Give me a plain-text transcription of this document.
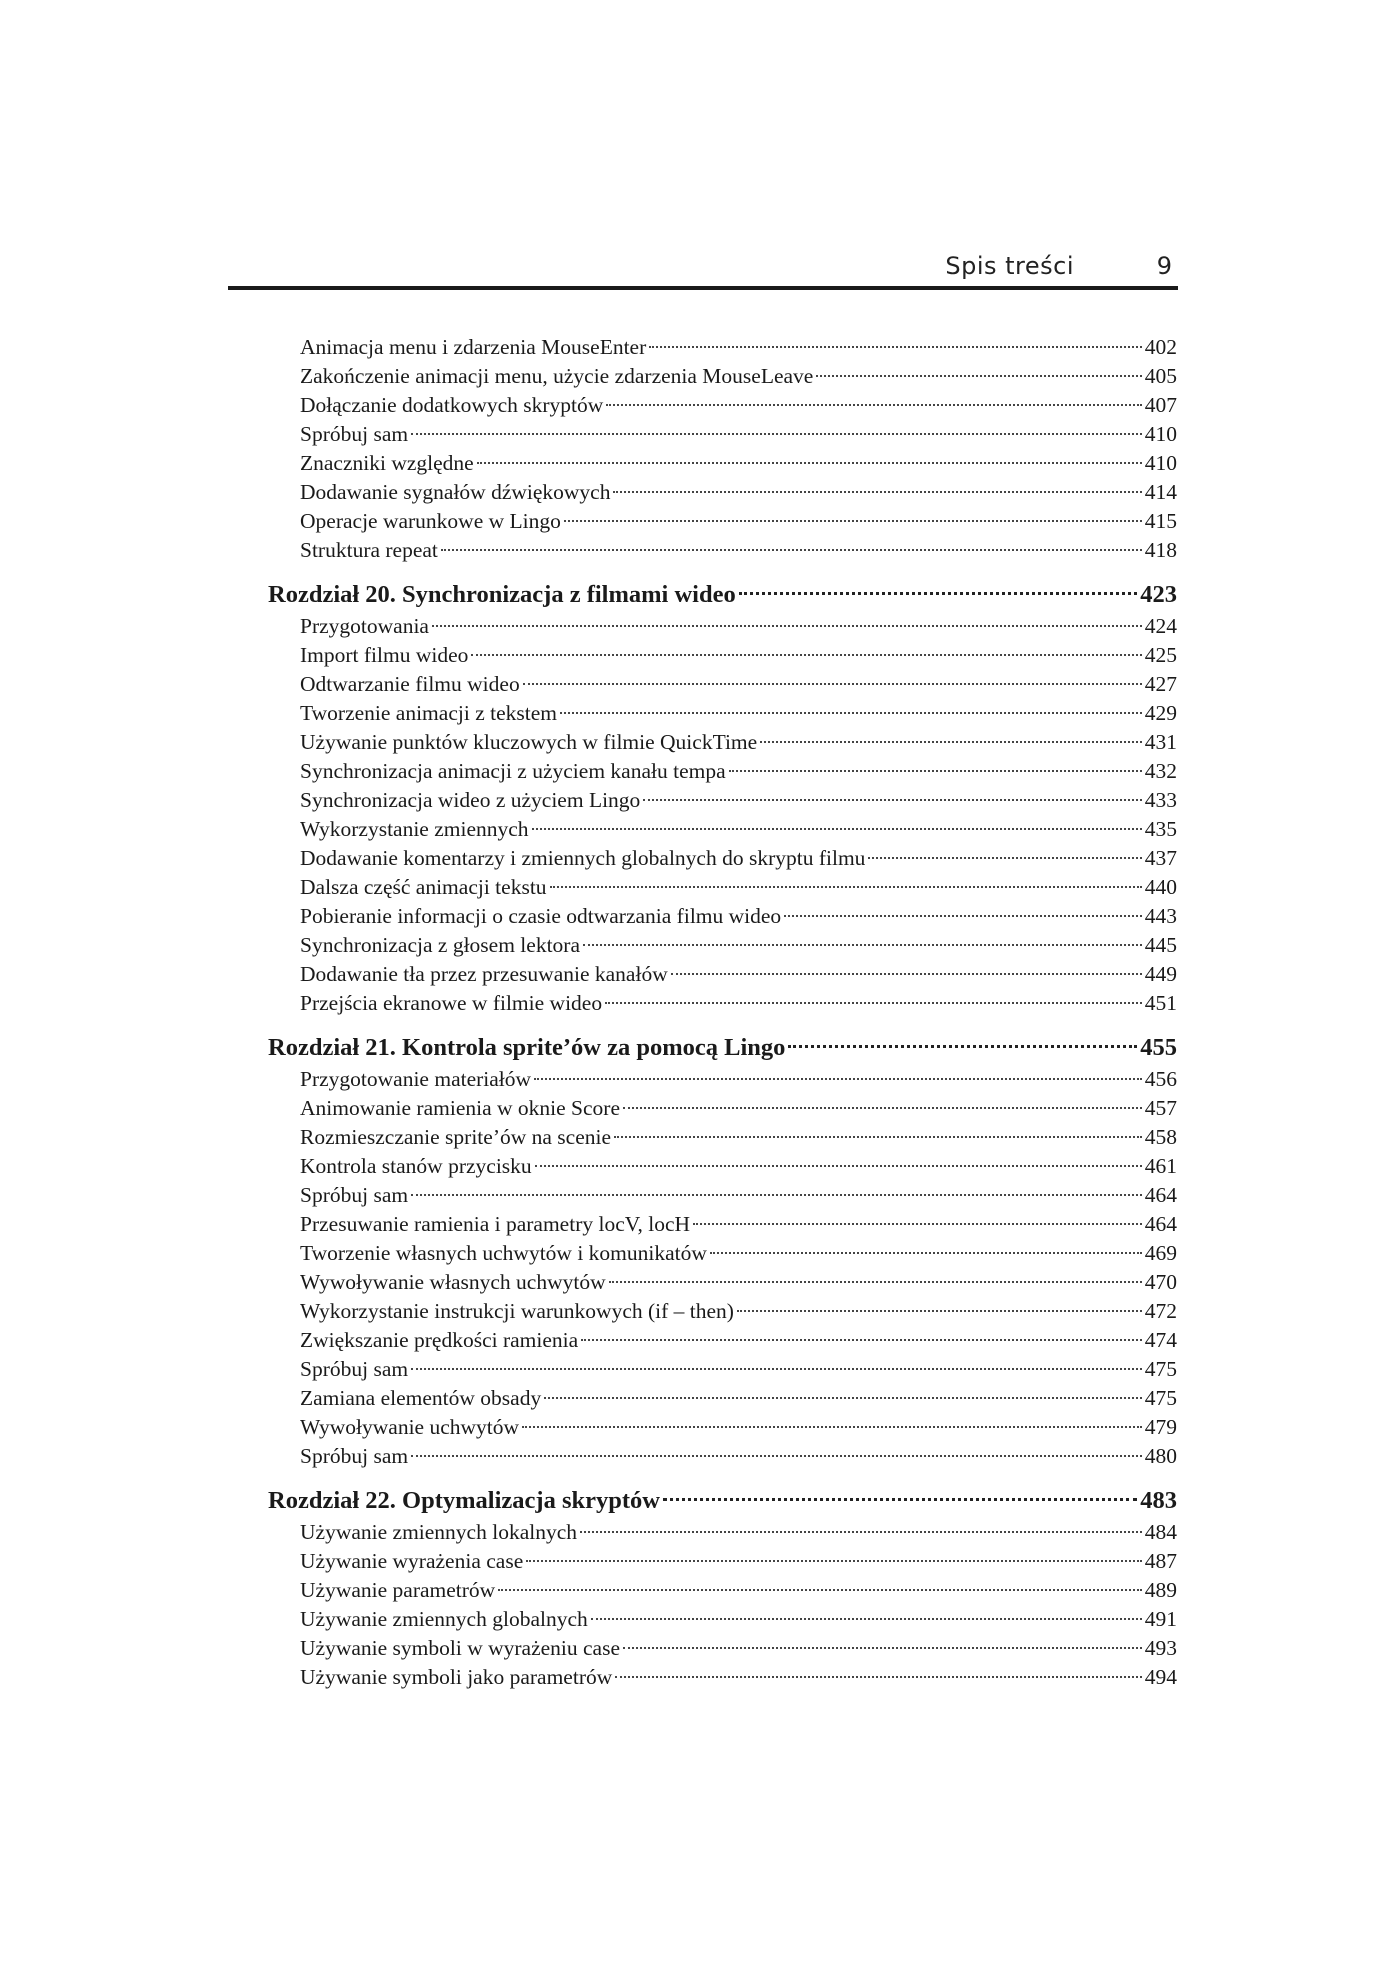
Spis treści	9
Animacja menu i zdarzenia MouseEnter	402
Zakończenie animacji menu, użycie zdarzenia MouseLeave	405
Dołączanie dodatkowych skryptów	407
Spróbuj sam	410
Znaczniki względne	410
Dodawanie sygnałów dźwiękowych	414
Operacje warunkowe w Lingo	415
Struktura repeat	418
Rozdział 20. Synchronizacja z filmami wideo	423
Przygotowania	424
Import filmu wideo	425
Odtwarzanie filmu wideo	427
Tworzenie animacji z tekstem	429
Używanie punktów kluczowych w filmie QuickTime	431
Synchronizacja animacji z użyciem kanału tempa	432
Synchronizacja wideo z użyciem Lingo	433
Wykorzystanie zmiennych	435
Dodawanie komentarzy i zmiennych globalnych do skryptu filmu	437
Dalsza część animacji tekstu	440
Pobieranie informacji o czasie odtwarzania filmu wideo	443
Synchronizacja z głosem lektora	445
Dodawanie tła przez przesuwanie kanałów	449
Przejścia ekranowe w filmie wideo	451
Rozdział 21. Kontrola sprite’ów za pomocą Lingo	455
Przygotowanie materiałów	456
Animowanie ramienia w oknie Score	457
Rozmieszczanie sprite’ów na scenie	458
Kontrola stanów przycisku	461
Spróbuj sam	464
Przesuwanie ramienia i parametry locV, locH	464
Tworzenie własnych uchwytów i komunikatów	469
Wywoływanie własnych uchwytów	470
Wykorzystanie instrukcji warunkowych (if – then)	472
Zwiększanie prędkości ramienia	474
Spróbuj sam	475
Zamiana elementów obsady	475
Wywoływanie uchwytów	479
Spróbuj sam	480
Rozdział 22. Optymalizacja skryptów	483
Używanie zmiennych lokalnych	484
Używanie wyrażenia case	487
Używanie parametrów	489
Używanie zmiennych globalnych	491
Używanie symboli w wyrażeniu case	493
Używanie symboli jako parametrów	494
